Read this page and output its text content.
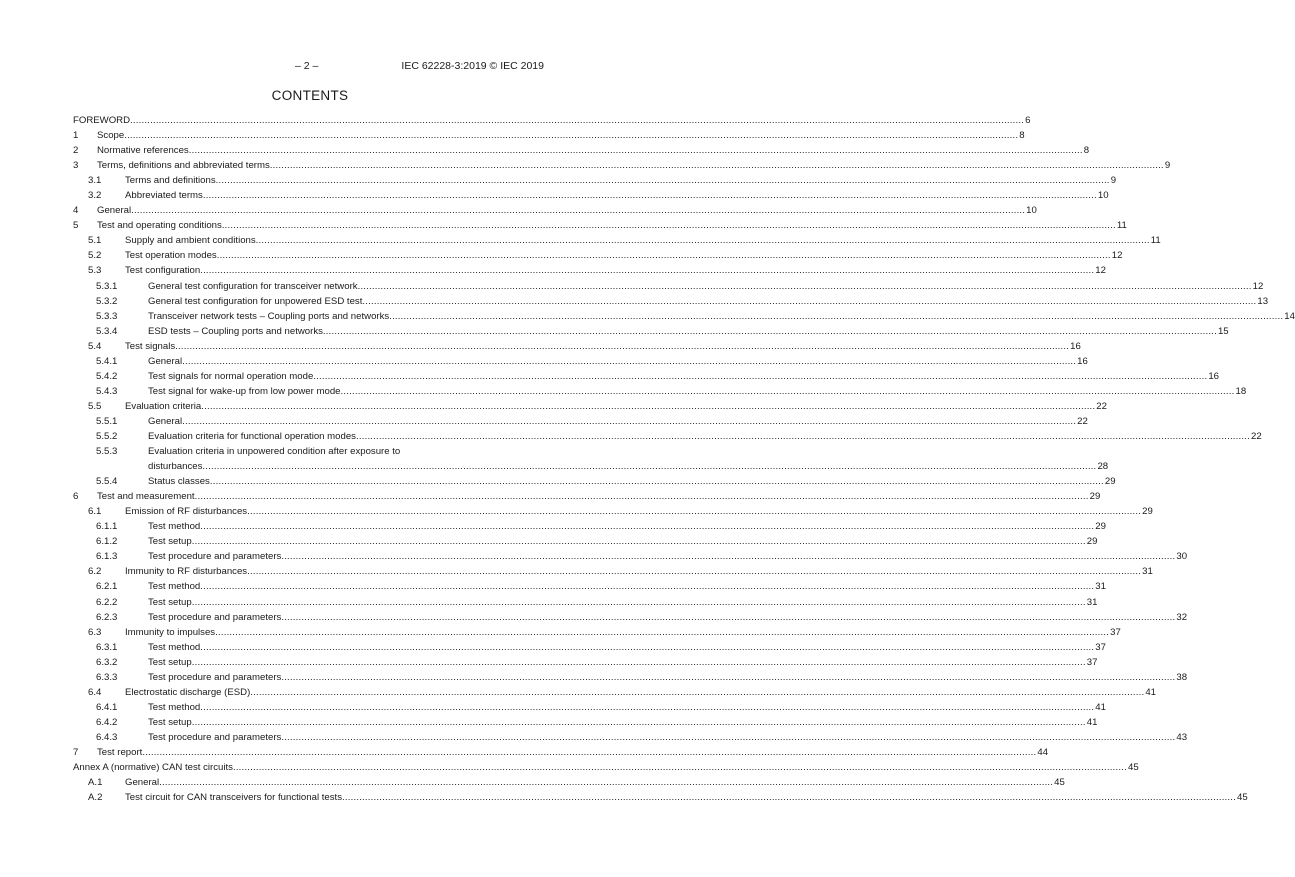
– 2 –	IEC 62228-3:2019 © IEC 2019
CONTENTS
FOREWORD .....	6
1	Scope .....	8
2	Normative references .....	8
3	Terms, definitions and abbreviated terms .....	9
3.1	Terms and definitions .....	9
3.2	Abbreviated terms .....	10
4	General .....	10
5	Test and operating conditions .....	11
5.1	Supply and ambient conditions .....	11
5.2	Test operation modes .....	12
5.3	Test configuration .....	12
5.3.1	General test configuration for transceiver network .....	12
5.3.2	General test configuration for unpowered ESD test .....	13
5.3.3	Transceiver network tests – Coupling ports and networks .....	14
5.3.4	ESD tests – Coupling ports and networks .....	15
5.4	Test signals .....	16
5.4.1	General .....	16
5.4.2	Test signals for normal operation mode .....	16
5.4.3	Test signal for wake-up from low power mode .....	18
5.5	Evaluation criteria .....	22
5.5.1	General .....	22
5.5.2	Evaluation criteria for functional operation modes .....	22
5.5.3	Evaluation criteria in unpowered condition after exposure to
disturbances .....	28
5.5.4	Status classes .....	29
6	Test and measurement .....	29
6.1	Emission of RF disturbances .....	29
6.1.1	Test method .....	29
6.1.2	Test setup .....	29
6.1.3	Test procedure and parameters .....	30
6.2	Immunity to RF disturbances .....	31
6.2.1	Test method .....	31
6.2.2	Test setup .....	31
6.2.3	Test procedure and parameters .....	32
6.3	Immunity to impulses .....	37
6.3.1	Test method .....	37
6.3.2	Test setup .....	37
6.3.3	Test procedure and parameters .....	38
6.4	Electrostatic discharge (ESD) .....	41
6.4.1	Test method .....	41
6.4.2	Test setup .....	41
6.4.3	Test procedure and parameters .....	43
7	Test report .....	44
Annex A (normative) CAN test circuits .....	45
A.1	General .....	45
A.2	Test circuit for CAN transceivers for functional tests .....	45
